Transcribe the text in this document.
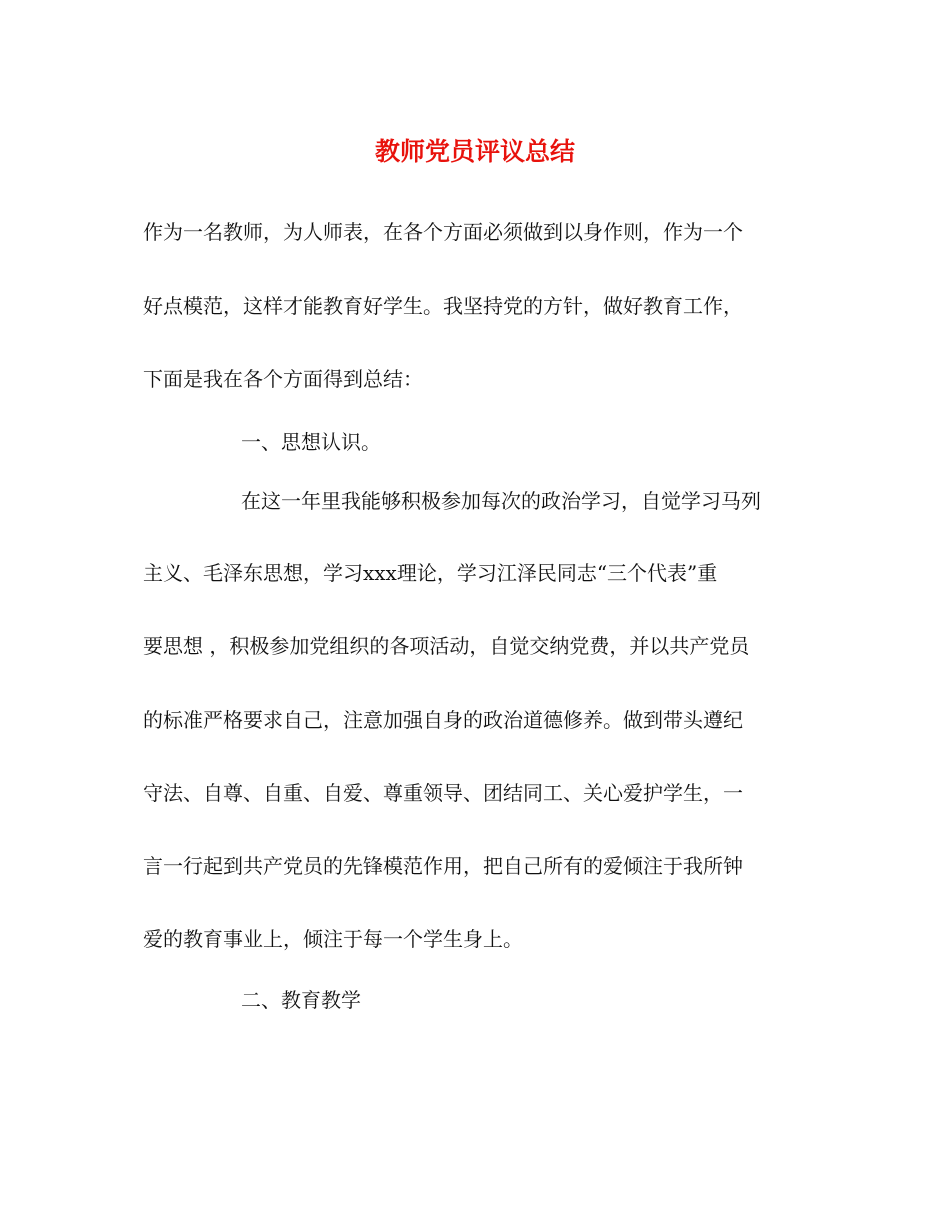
教师党员评议总结
作为一名教师，为人师表，在各个方面必须做到以身作则，作为一个
好点模范，这样才能教育好学生。我坚持党的方针，做好教育工作，
下面是我在各个方面得到总结：
一、思想认识。
在这一年里我能够积极参加每次的政治学习，自觉学习马列
主义、毛泽东思想，学习xxx理论，学习江泽民同志“三个代表”重
要思想 ，积极参加党组织的各项活动，自觉交纳党费，并以共产党员
的标准严格要求自己，注意加强自身的政治道德修养。做到带头遵纪
守法、自尊、自重、自爱、尊重领导、团结同工、关心爱护学生，一
言一行起到共产党员的先锋模范作用，把自己所有的爱倾注于我所钟
爱的教育事业上，倾注于每一个学生身上。
二、教育教学
